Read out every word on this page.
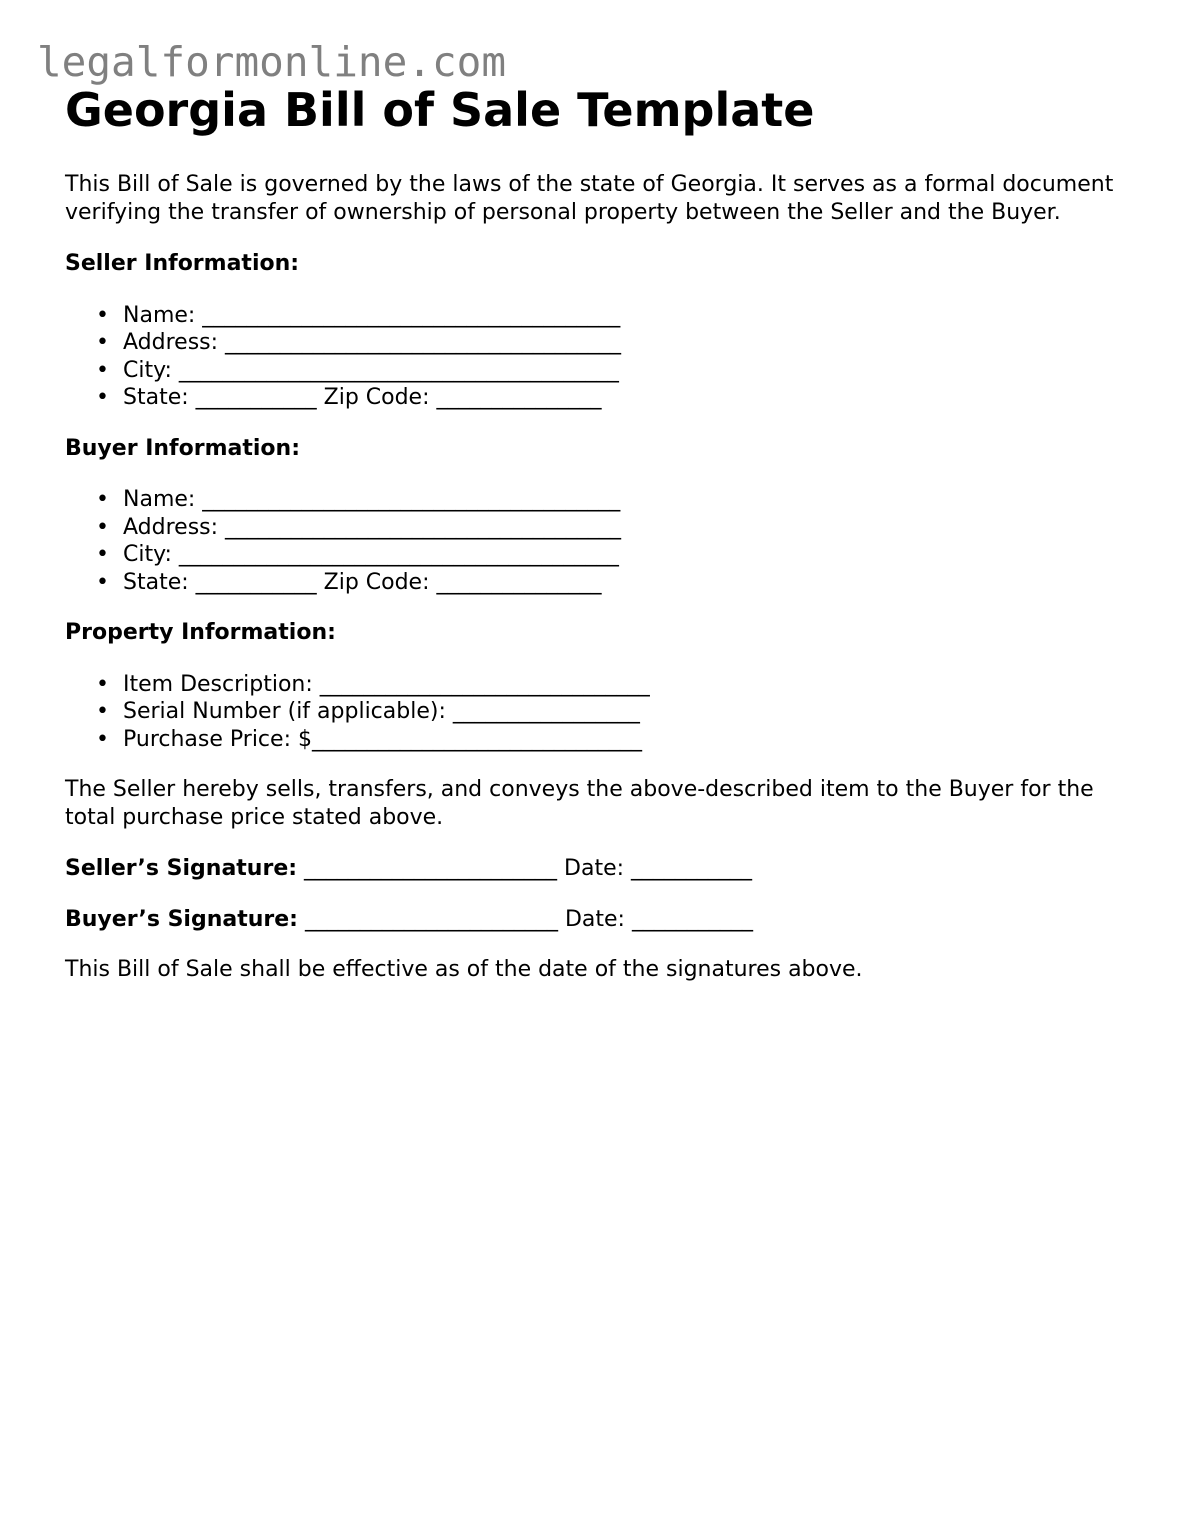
legalformonline.com
Georgia Bill of Sale Template

This Bill of Sale is governed by the laws of the state of Georgia. It serves as a formal document verifying the transfer of ownership of personal property between the Seller and the Buyer.

Seller Information:
• Name: ______________________________________
• Address: ____________________________________
• City: ________________________________________
• State: ___________ Zip Code: _______________
Buyer Information:
• Name: ______________________________________
• Address: ____________________________________
• City: ________________________________________
• State: ___________ Zip Code: _______________
Property Information:
• Item Description: ______________________________
• Serial Number (if applicable): _________________
• Purchase Price: $______________________________

The Seller hereby sells, transfers, and conveys the above-described item to the Buyer for the total purchase price stated above.

Seller’s Signature: _______________________ Date: ___________
Buyer’s Signature: _______________________ Date: ___________

This Bill of Sale shall be effective as of the date of the signatures above.
